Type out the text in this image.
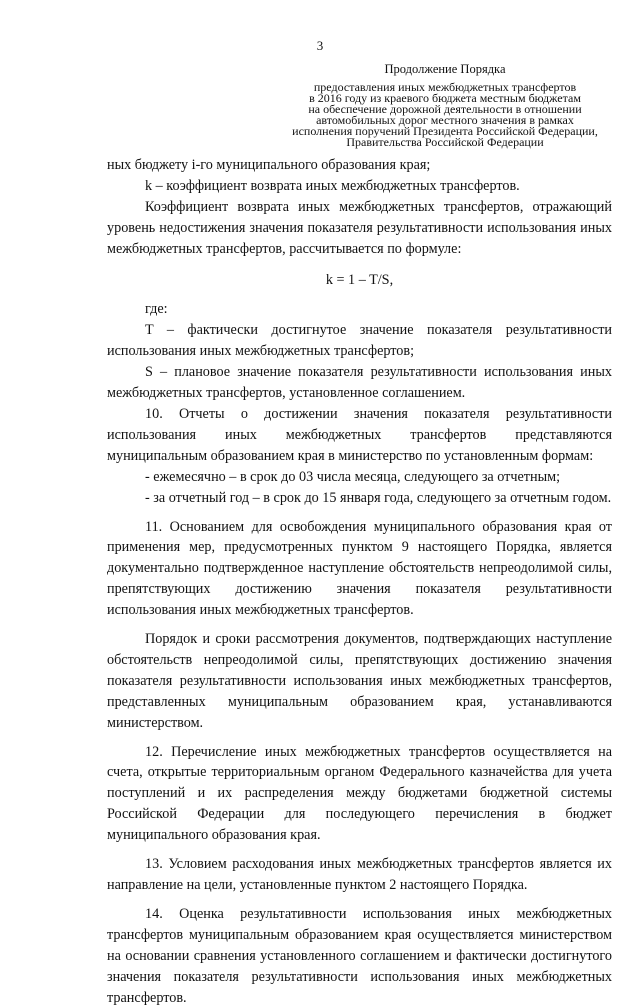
3
Продолжение Порядка
предоставления иных межбюджетных трансфертов
в 2016 году из краевого бюджета местным бюджетам
на обеспечение дорожной деятельности в отношении
автомобильных дорог местного значения в рамках
исполнения поручений Президента Российской Федерации,
Правительства Российской Федерации

ных бюджету i-го муниципального образования края;

k – коэффициент возврата иных межбюджетных трансфертов.

Коэффициент возврата иных межбюджетных трансфертов, отражающий уровень недостижения значения показателя результативности использования иных межбюджетных трансфертов, рассчитывается по формуле:

k = 1 – T/S,

где:

T – фактически достигнутое значение показателя результативности использования иных межбюджетных трансфертов;

S – плановое значение показателя результативности использования иных межбюджетных трансфертов, установленное соглашением.

10. Отчеты о достижении значения показателя результативности использования иных межбюджетных трансфертов представляются муниципальным образованием края в министерство по установленным формам:

- ежемесячно – в срок до 03 числа месяца, следующего за отчетным;

- за отчетный год – в срок до 15 января года, следующего за отчетным годом.

11. Основанием для освобождения муниципального образования края от применения мер, предусмотренных пунктом 9 настоящего Порядка, является документально подтвержденное наступление обстоятельств непреодолимой силы, препятствующих достижению значения показателя результативности использования иных межбюджетных трансфертов.

Порядок и сроки рассмотрения документов, подтверждающих наступление обстоятельств непреодолимой силы, препятствующих достижению значения показателя результативности использования иных межбюджетных трансфертов, представленных муниципальным образованием края, устанавливаются министерством.

12. Перечисление иных межбюджетных трансфертов осуществляется на счета, открытые территориальным органом Федерального казначейства для учета поступлений и их распределения между бюджетами бюджетной системы Российской Федерации для последующего перечисления в бюджет муниципального образования края.

13. Условием расходования иных межбюджетных трансфертов является их направление на цели, установленные пунктом 2 настоящего Порядка.

14. Оценка результативности использования иных межбюджетных трансфертов муниципальным образованием края осуществляется министерством на основании сравнения установленного соглашением и фактически достигнутого значения показателя результативности использования иных межбюджетных трансфертов.
